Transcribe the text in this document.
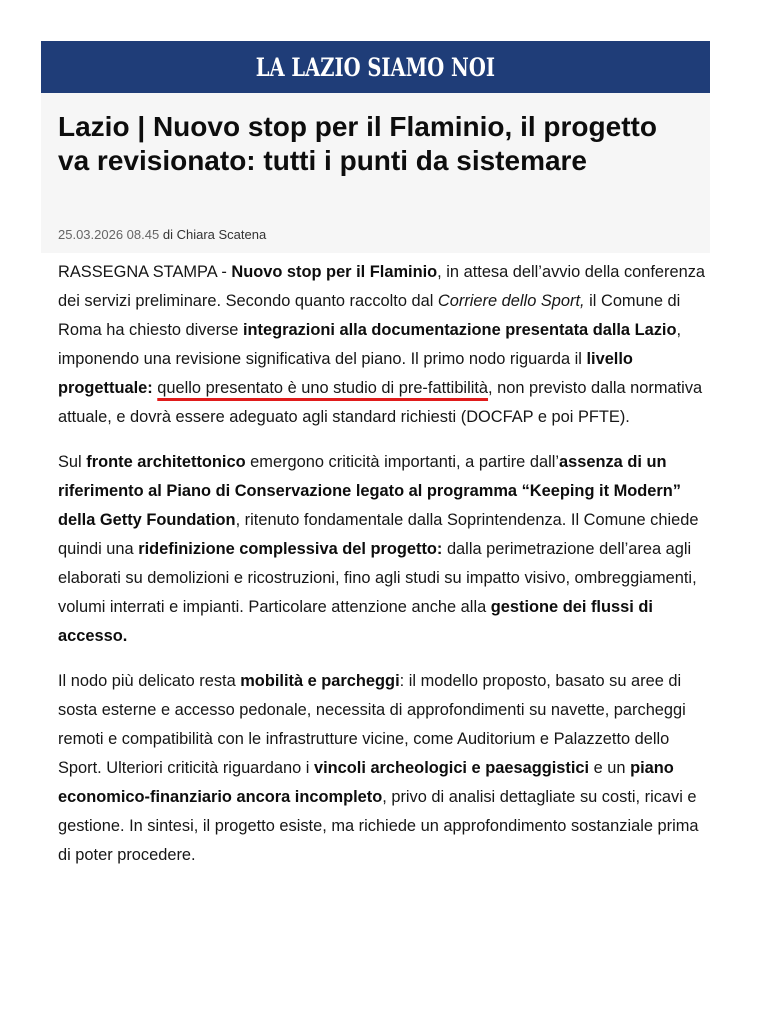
LA LAZIO SIAMO NOI
Lazio | Nuovo stop per il Flaminio, il progetto va revisionato: tutti i punti da sistemare
25.03.2026 08.45 di Chiara Scatena

RASSEGNA STAMPA - Nuovo stop per il Flaminio, in attesa dell’avvio della conferenza dei servizi preliminare. Secondo quanto raccolto dal Corriere dello Sport, il Comune di Roma ha chiesto diverse integrazioni alla documentazione presentata dalla Lazio, imponendo una revisione significativa del piano. Il primo nodo riguarda il livello progettuale: quello presentato è uno studio di pre-fattibilità, non previsto dalla normativa attuale, e dovrà essere adeguato agli standard richiesti (DOCFAP e poi PFTE).

Sul fronte architettonico emergono criticità importanti, a partire dall’assenza di un riferimento al Piano di Conservazione legato al programma “Keeping it Modern” della Getty Foundation, ritenuto fondamentale dalla Soprintendenza. Il Comune chiede quindi una ridefinizione complessiva del progetto: dalla perimetrazione dell’area agli elaborati su demolizioni e ricostruzioni, fino agli studi su impatto visivo, ombreggiamenti, volumi interrati e impianti. Particolare attenzione anche alla gestione dei flussi di accesso.

Il nodo più delicato resta mobilità e parcheggi: il modello proposto, basato su aree di sosta esterne e accesso pedonale, necessita di approfondimenti su navette, parcheggi remoti e compatibilità con le infrastrutture vicine, come Auditorium e Palazzetto dello Sport. Ulteriori criticità riguardano i vincoli archeologici e paesaggistici e un piano economico-finanziario ancora incompleto, privo di analisi dettagliate su costi, ricavi e gestione. In sintesi, il progetto esiste, ma richiede un approfondimento sostanziale prima di poter procedere.
